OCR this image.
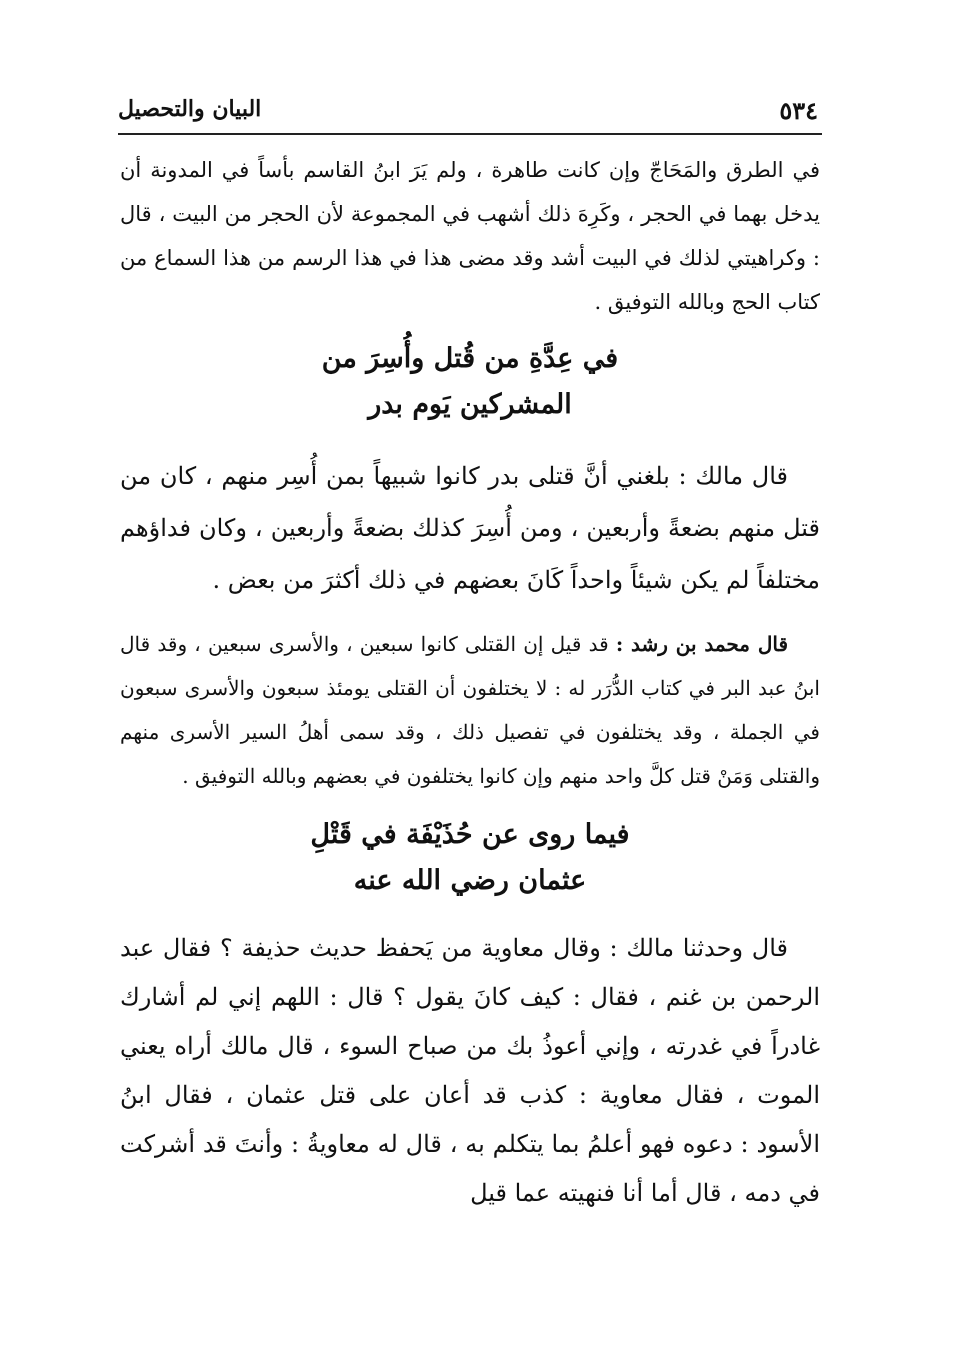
٥٣٤
البيان والتحصيل

في الطرق والمَحَاجّ وإن كانت طاهرة ، ولم يَرَ ابنُ القاسم بأساً في المدونة أن يدخل بهما في الحجر ، وكَرِهَ ذلك أشهب في المجموعة لأن الحجر من البيت ، قال : وكراهيتي لذلك في البيت أشد وقد مضى هذا في هذا الرسم من هذا السماع من كتاب الحج وبالله التوفيق .

في عِدَّةِ من قُتل وأُسِرَ من

المشركين يَوم بدر

قال مالك : بلغني أنَّ قتلى بدر كانوا شبيهاً بمن أُسِر منهم ، كان من قتل منهم بضعةً وأربعين ، ومن أُسِرَ كذلك بضعةً وأربعين ، وكان فداؤهم مختلفاً لم يكن شيئاً واحداً كَانَ بعضهم في ذلك أكثرَ من بعض .

قال محمد بن رشد : قد قيل إن القتلى كانوا سبعين ، والأسرى سبعين ، وقد قال ابنُ عبد البر في كتاب الدُّرَر له : لا يختلفون أن القتلى يومئذ سبعون والأسرى سبعون في الجملة ، وقد يختلفون في تفصيل ذلك ، وقد سمى أهلُ السير الأسرى منهم والقتلى وَمَنْ قتل كلَّ واحد منهم وإن كانوا يختلفون في بعضهم وبالله التوفيق .

فيما روى عن حُذَيْفَة في قَتْلِ

عثمان رضي الله عنه

قال وحدثنا مالك : وقال معاوية من يَحفظ حديث حذيفة ؟ فقال عبد الرحمن بن غنم ، فقال : كيف كانَ يقول ؟ قال : اللهم إني لم أشارك غادراً في غدرته ، وإني أعوذُ بك من صباح السوء ، قال مالك أراه يعني الموت ، فقال معاوية : كذب قد أعان على قتل عثمان ، فقال ابنُ الأسود : دعوه فهو أعلمُ بما يتكلم به ، قال له معاويةُ : وأنتَ قد أشركت في دمه ، قال أما أنا فنهيته عما قيل
